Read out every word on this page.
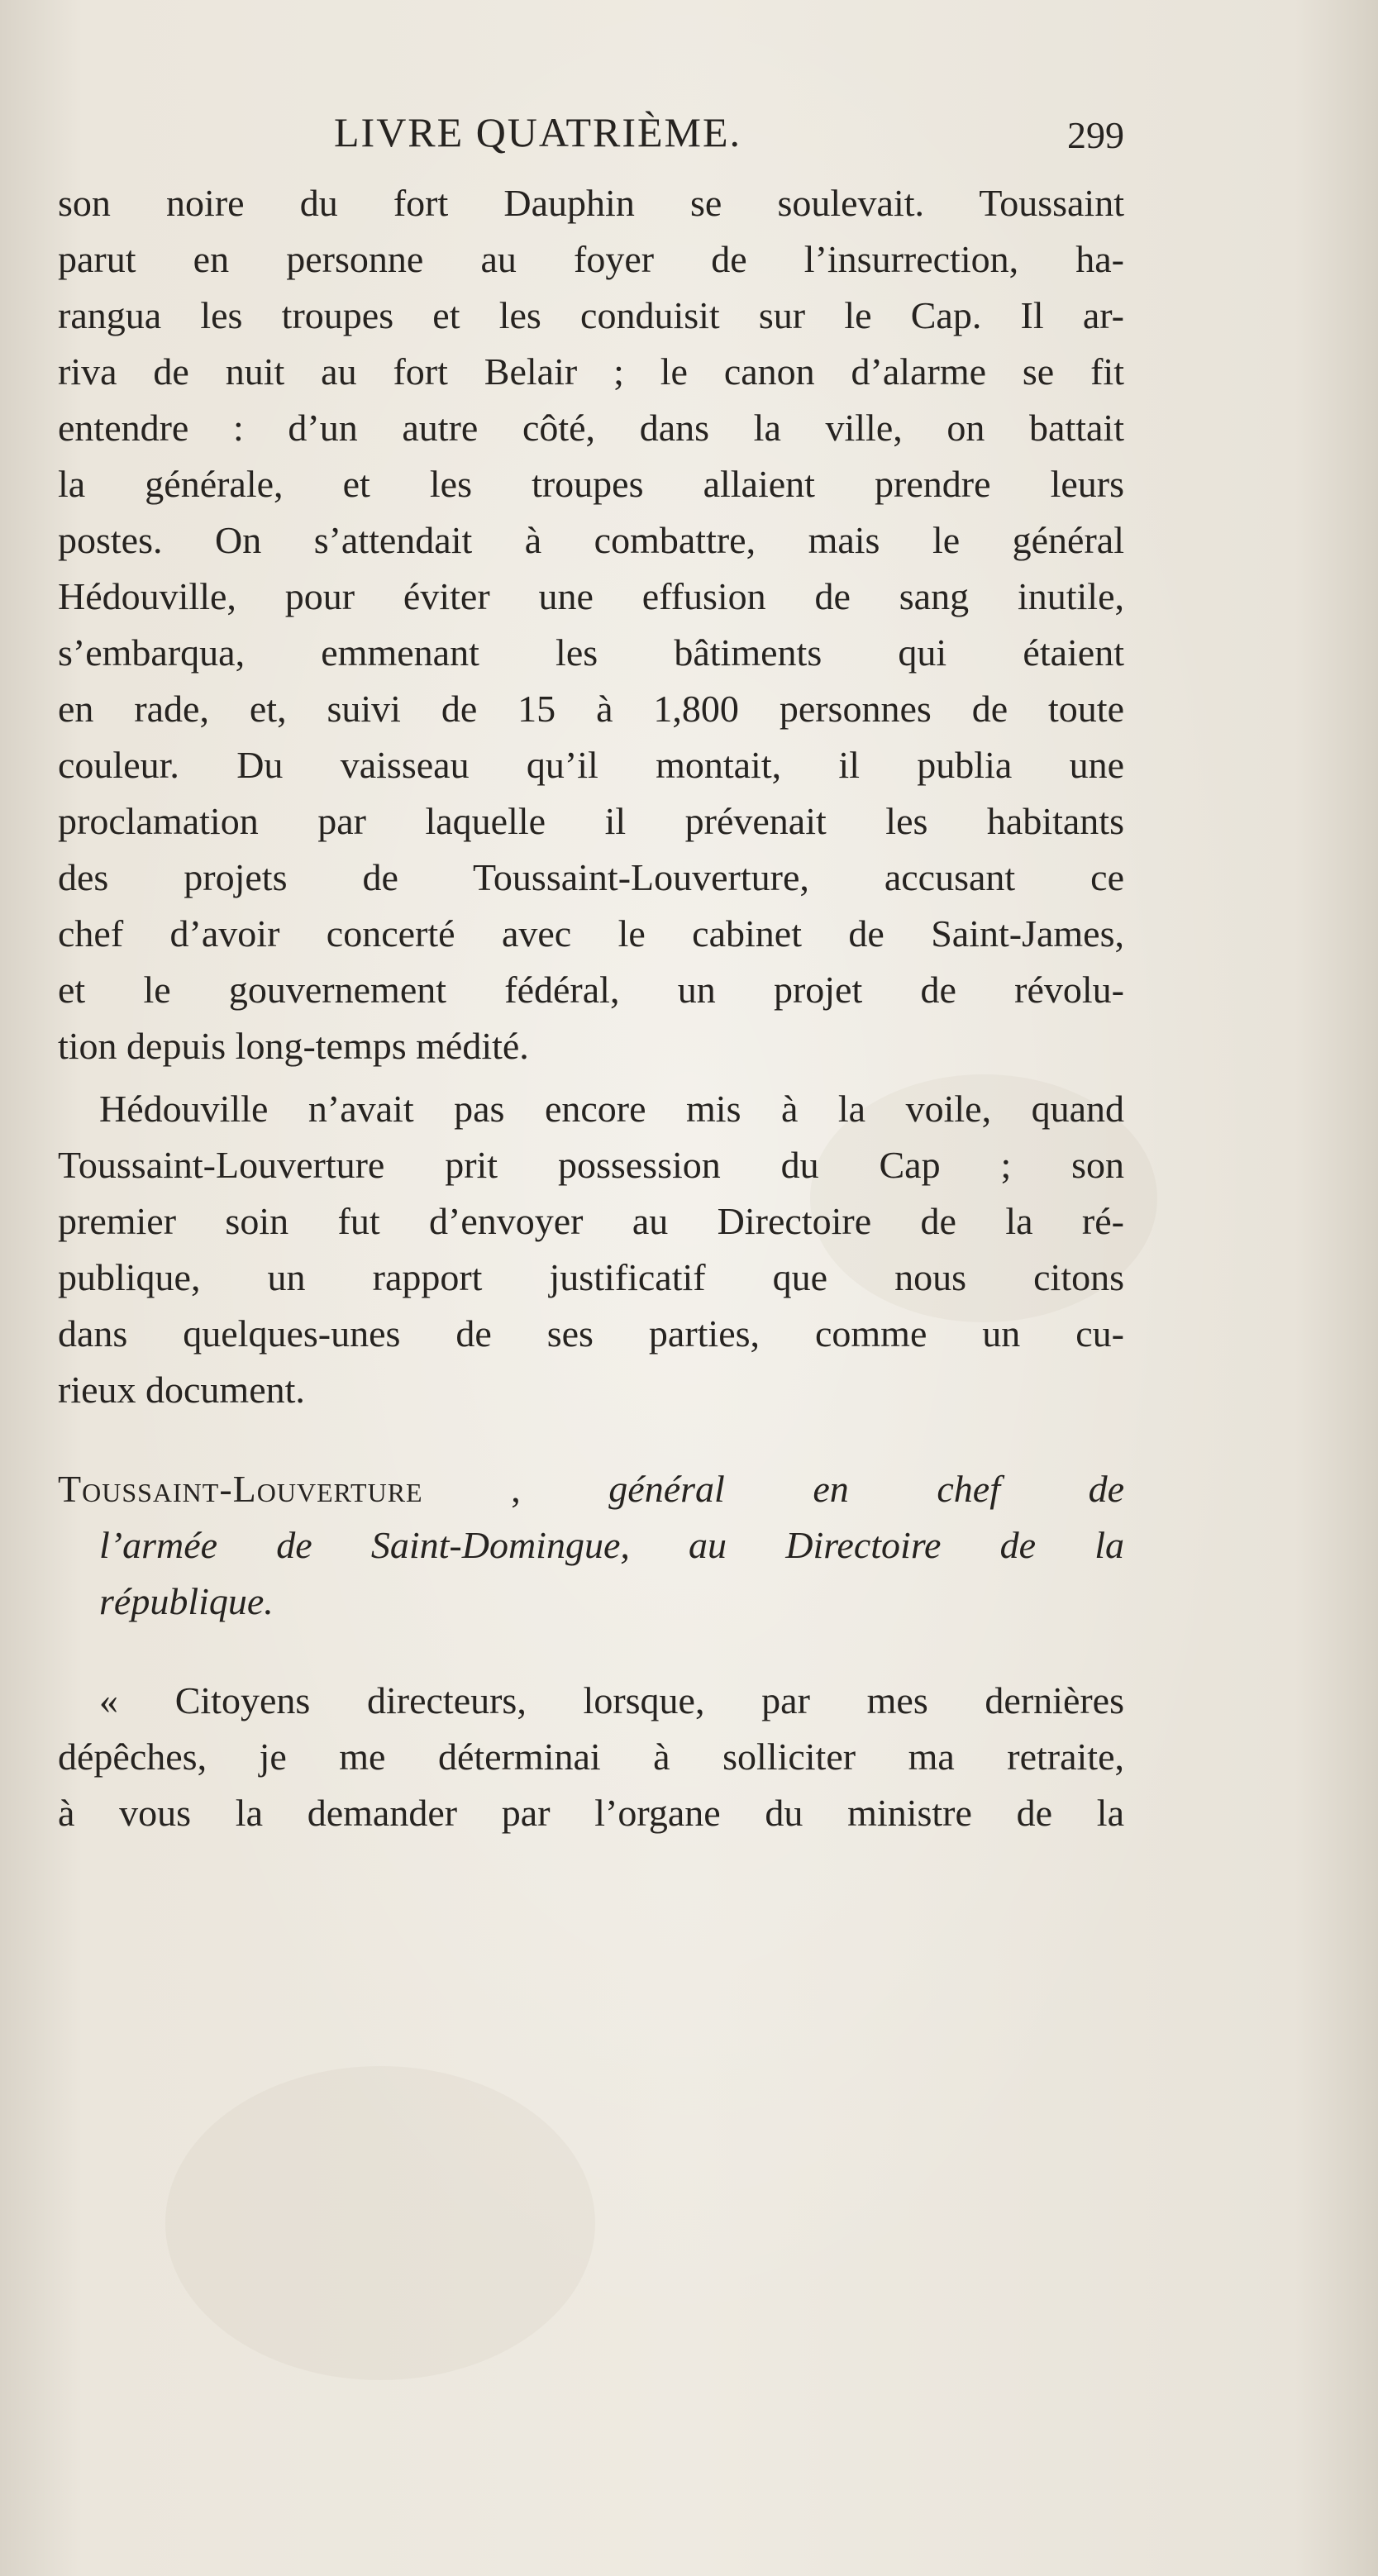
LIVRE QUATRIÈME.	299
son noire du fort Dauphin se soulevait. Toussaint
parut en personne au foyer de l’insurrection, ha-
rangua les troupes et les conduisit sur le Cap. Il ar-
riva de nuit au fort Belair ; le canon d’alarme se fit
entendre : d’un autre côté, dans la ville, on battait
la générale, et les troupes allaient prendre leurs
postes. On s’attendait à combattre, mais le général
Hédouville, pour éviter une effusion de sang inutile,
s’embarqua, emmenant les bâtiments qui étaient
en rade, et, suivi de 15 à 1,800 personnes de toute
couleur. Du vaisseau qu’il montait, il publia une
proclamation par laquelle il prévenait les habitants
des projets de Toussaint-Louverture, accusant ce
chef d’avoir concerté avec le cabinet de Saint-James,
et le gouvernement fédéral, un projet de révolu-
tion depuis long-temps médité.
Hédouville n’avait pas encore mis à la voile, quand
Toussaint-Louverture prit possession du Cap ; son
premier soin fut d’envoyer au Directoire de la ré-
publique, un rapport justificatif que nous citons
dans quelques-unes de ses parties, comme un cu-
rieux document.
Toussaint-Louverture , général en chef de
l’armée de Saint-Domingue, au Directoire de la
république.
« Citoyens directeurs, lorsque, par mes dernières
dépêches, je me déterminai à solliciter ma retraite,
à vous la demander par l’organe du ministre de la
